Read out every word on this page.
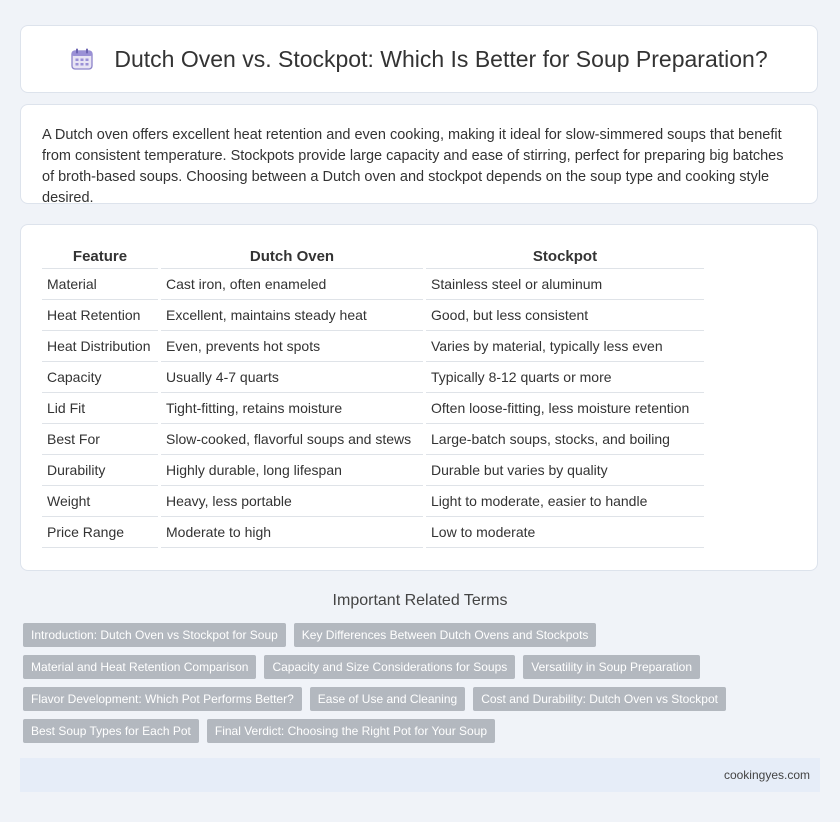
Dutch Oven vs. Stockpot: Which Is Better for Soup Preparation?

A Dutch oven offers excellent heat retention and even cooking, making it ideal for slow-simmered soups that benefit from consistent temperature. Stockpots provide large capacity and ease of stirring, perfect for preparing big batches of broth-based soups. Choosing between a Dutch oven and stockpot depends on the soup type and cooking style desired.

Feature	Dutch Oven	Stockpot
Material	Cast iron, often enameled	Stainless steel or aluminum
Heat Retention	Excellent, maintains steady heat	Good, but less consistent
Heat Distribution	Even, prevents hot spots	Varies by material, typically less even
Capacity	Usually 4-7 quarts	Typically 8-12 quarts or more
Lid Fit	Tight-fitting, retains moisture	Often loose-fitting, less moisture retention
Best For	Slow-cooked, flavorful soups and stews	Large-batch soups, stocks, and boiling
Durability	Highly durable, long lifespan	Durable but varies by quality
Weight	Heavy, less portable	Light to moderate, easier to handle
Price Range	Moderate to high	Low to moderate
Important Related Terms
Introduction: Dutch Oven vs Stockpot for Soup	Key Differences Between Dutch Ovens and Stockpots
Material and Heat Retention Comparison	Capacity and Size Considerations for Soups	Versatility in Soup Preparation
Flavor Development: Which Pot Performs Better?	Ease of Use and Cleaning	Cost and Durability: Dutch Oven vs Stockpot
Best Soup Types for Each Pot	Final Verdict: Choosing the Right Pot for Your Soup
cookingyes.com
